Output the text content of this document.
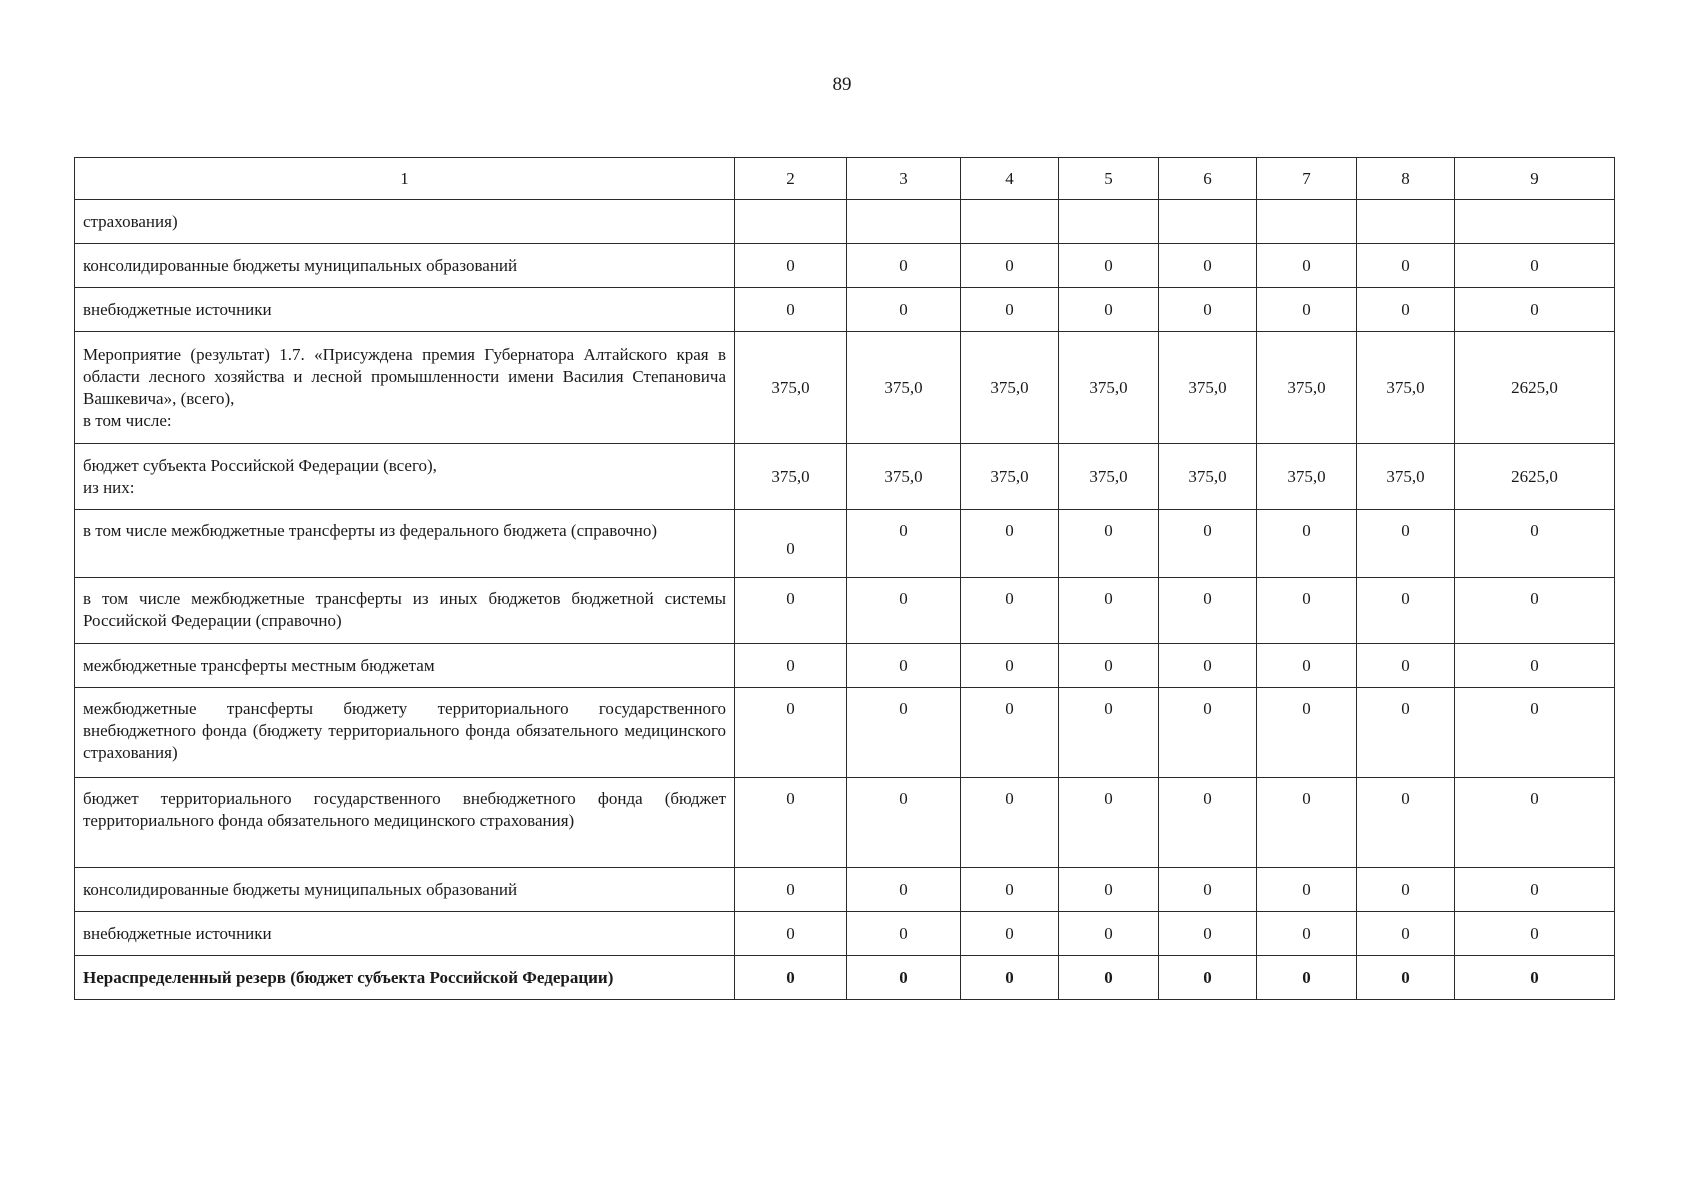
89
1	2	3	4	5	6	7	8	9
страхования)								
консолидированные бюджеты муниципальных образований	0	0	0	0	0	0	0	0
внебюджетные источники	0	0	0	0	0	0	0	0

Мероприятие (результат) 1.7. «Присуждена премия Губернатора Алтайского края в области лесного хозяйства и лесной промышленности имени Василия Степановича Вашкевича», (всего),
в том числе:	375,0	375,0	375,0	375,0	375,0	375,0	375,0	2625,0

бюджет субъекта Российской Федерации (всего),
из них:	375,0	375,0	375,0	375,0	375,0	375,0	375,0	2625,0
в том числе межбюджетные трансферты из федерального бюджета (справочно)	0	0	0	0	0	0	0	0
в том числе межбюджетные трансферты из иных бюджетов бюджетной системы Российской Федерации (справочно)	0	0	0	0	0	0	0	0
межбюджетные трансферты местным бюджетам	0	0	0	0	0	0	0	0
межбюджетные трансферты бюджету территориального государственного внебюджетного фонда (бюджету территориального фонда обязательного медицинского страхования)	0	0	0	0	0	0	0	0
бюджет территориального государственного внебюджетного фонда (бюджет территориального фонда обязательного медицинского страхования)	0	0	0	0	0	0	0	0
консолидированные бюджеты муниципальных образований	0	0	0	0	0	0	0	0
внебюджетные источники	0	0	0	0	0	0	0	0
Нераспределенный резерв (бюджет субъекта Российской Федерации)	0	0	0	0	0	0	0	0
